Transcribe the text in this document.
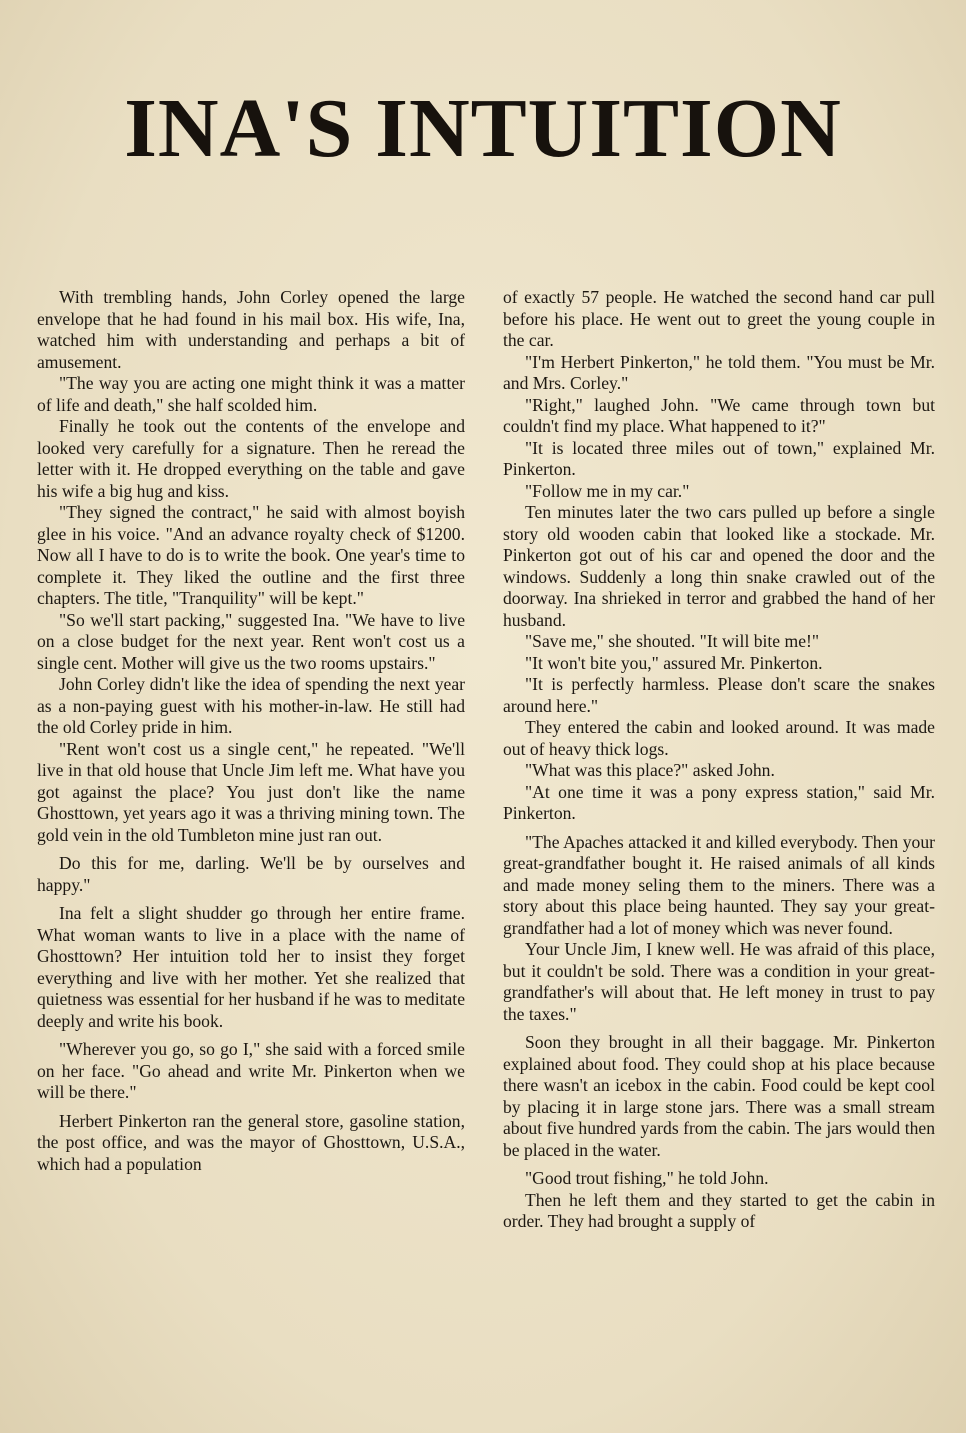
INA'S INTUITION

With trembling hands, John Corley opened the large envelope that he had found in his mail box. His wife, Ina, watched him with understanding and perhaps a bit of amusement.

"The way you are acting one might think it was a matter of life and death," she half scolded him.

Finally he took out the contents of the envelope and looked very carefully for a signature. Then he reread the letter with it. He dropped everything on the table and gave his wife a big hug and kiss.

"They signed the contract," he said with almost boyish glee in his voice. "And an advance royalty check of $1200. Now all I have to do is to write the book. One year's time to complete it. They liked the outline and the first three chapters. The title, "Tranquility" will be kept."

"So we'll start packing," suggested Ina. "We have to live on a close budget for the next year. Rent won't cost us a single cent. Mother will give us the two rooms upstairs."

John Corley didn't like the idea of spending the next year as a non-paying guest with his mother-in-law. He still had the old Corley pride in him.

"Rent won't cost us a single cent," he repeated. "We'll live in that old house that Uncle Jim left me. What have you got against the place? You just don't like the name Ghosttown, yet years ago it was a thriving mining town. The gold vein in the old Tumbleton mine just ran out.

Do this for me, darling. We'll be by ourselves and happy."

Ina felt a slight shudder go through her entire frame. What woman wants to live in a place with the name of Ghosttown? Her intuition told her to insist they forget everything and live with her mother. Yet she realized that quietness was essential for her husband if he was to meditate deeply and write his book.

"Wherever you go, so go I," she said with a forced smile on her face. "Go ahead and write Mr. Pinkerton when we will be there."

Herbert Pinkerton ran the general store, gasoline station, the post office, and was the mayor of Ghosttown, U.S.A., which had a population

of exactly 57 people. He watched the second hand car pull before his place. He went out to greet the young couple in the car.

"I'm Herbert Pinkerton," he told them. "You must be Mr. and Mrs. Corley."

"Right," laughed John. "We came through town but couldn't find my place. What happened to it?"

"It is located three miles out of town," explained Mr. Pinkerton.

"Follow me in my car."

Ten minutes later the two cars pulled up before a single story old wooden cabin that looked like a stockade. Mr. Pinkerton got out of his car and opened the door and the windows. Suddenly a long thin snake crawled out of the doorway. Ina shrieked in terror and grabbed the hand of her husband.

"Save me," she shouted. "It will bite me!"

"It won't bite you," assured Mr. Pinkerton.

"It is perfectly harmless. Please don't scare the snakes around here."

They entered the cabin and looked around. It was made out of heavy thick logs.

"What was this place?" asked John.

"At one time it was a pony express station," said Mr. Pinkerton.

"The Apaches attacked it and killed everybody. Then your great-grandfather bought it. He raised animals of all kinds and made money seling them to the miners. There was a story about this place being haunted. They say your great-grandfather had a lot of money which was never found.

Your Uncle Jim, I knew well. He was afraid of this place, but it couldn't be sold. There was a condition in your great-grandfather's will about that. He left money in trust to pay the taxes."

Soon they brought in all their baggage. Mr. Pinkerton explained about food. They could shop at his place because there wasn't an icebox in the cabin. Food could be kept cool by placing it in large stone jars. There was a small stream about five hundred yards from the cabin. The jars would then be placed in the water.

"Good trout fishing," he told John.

Then he left them and they started to get the cabin in order. They had brought a supply of
